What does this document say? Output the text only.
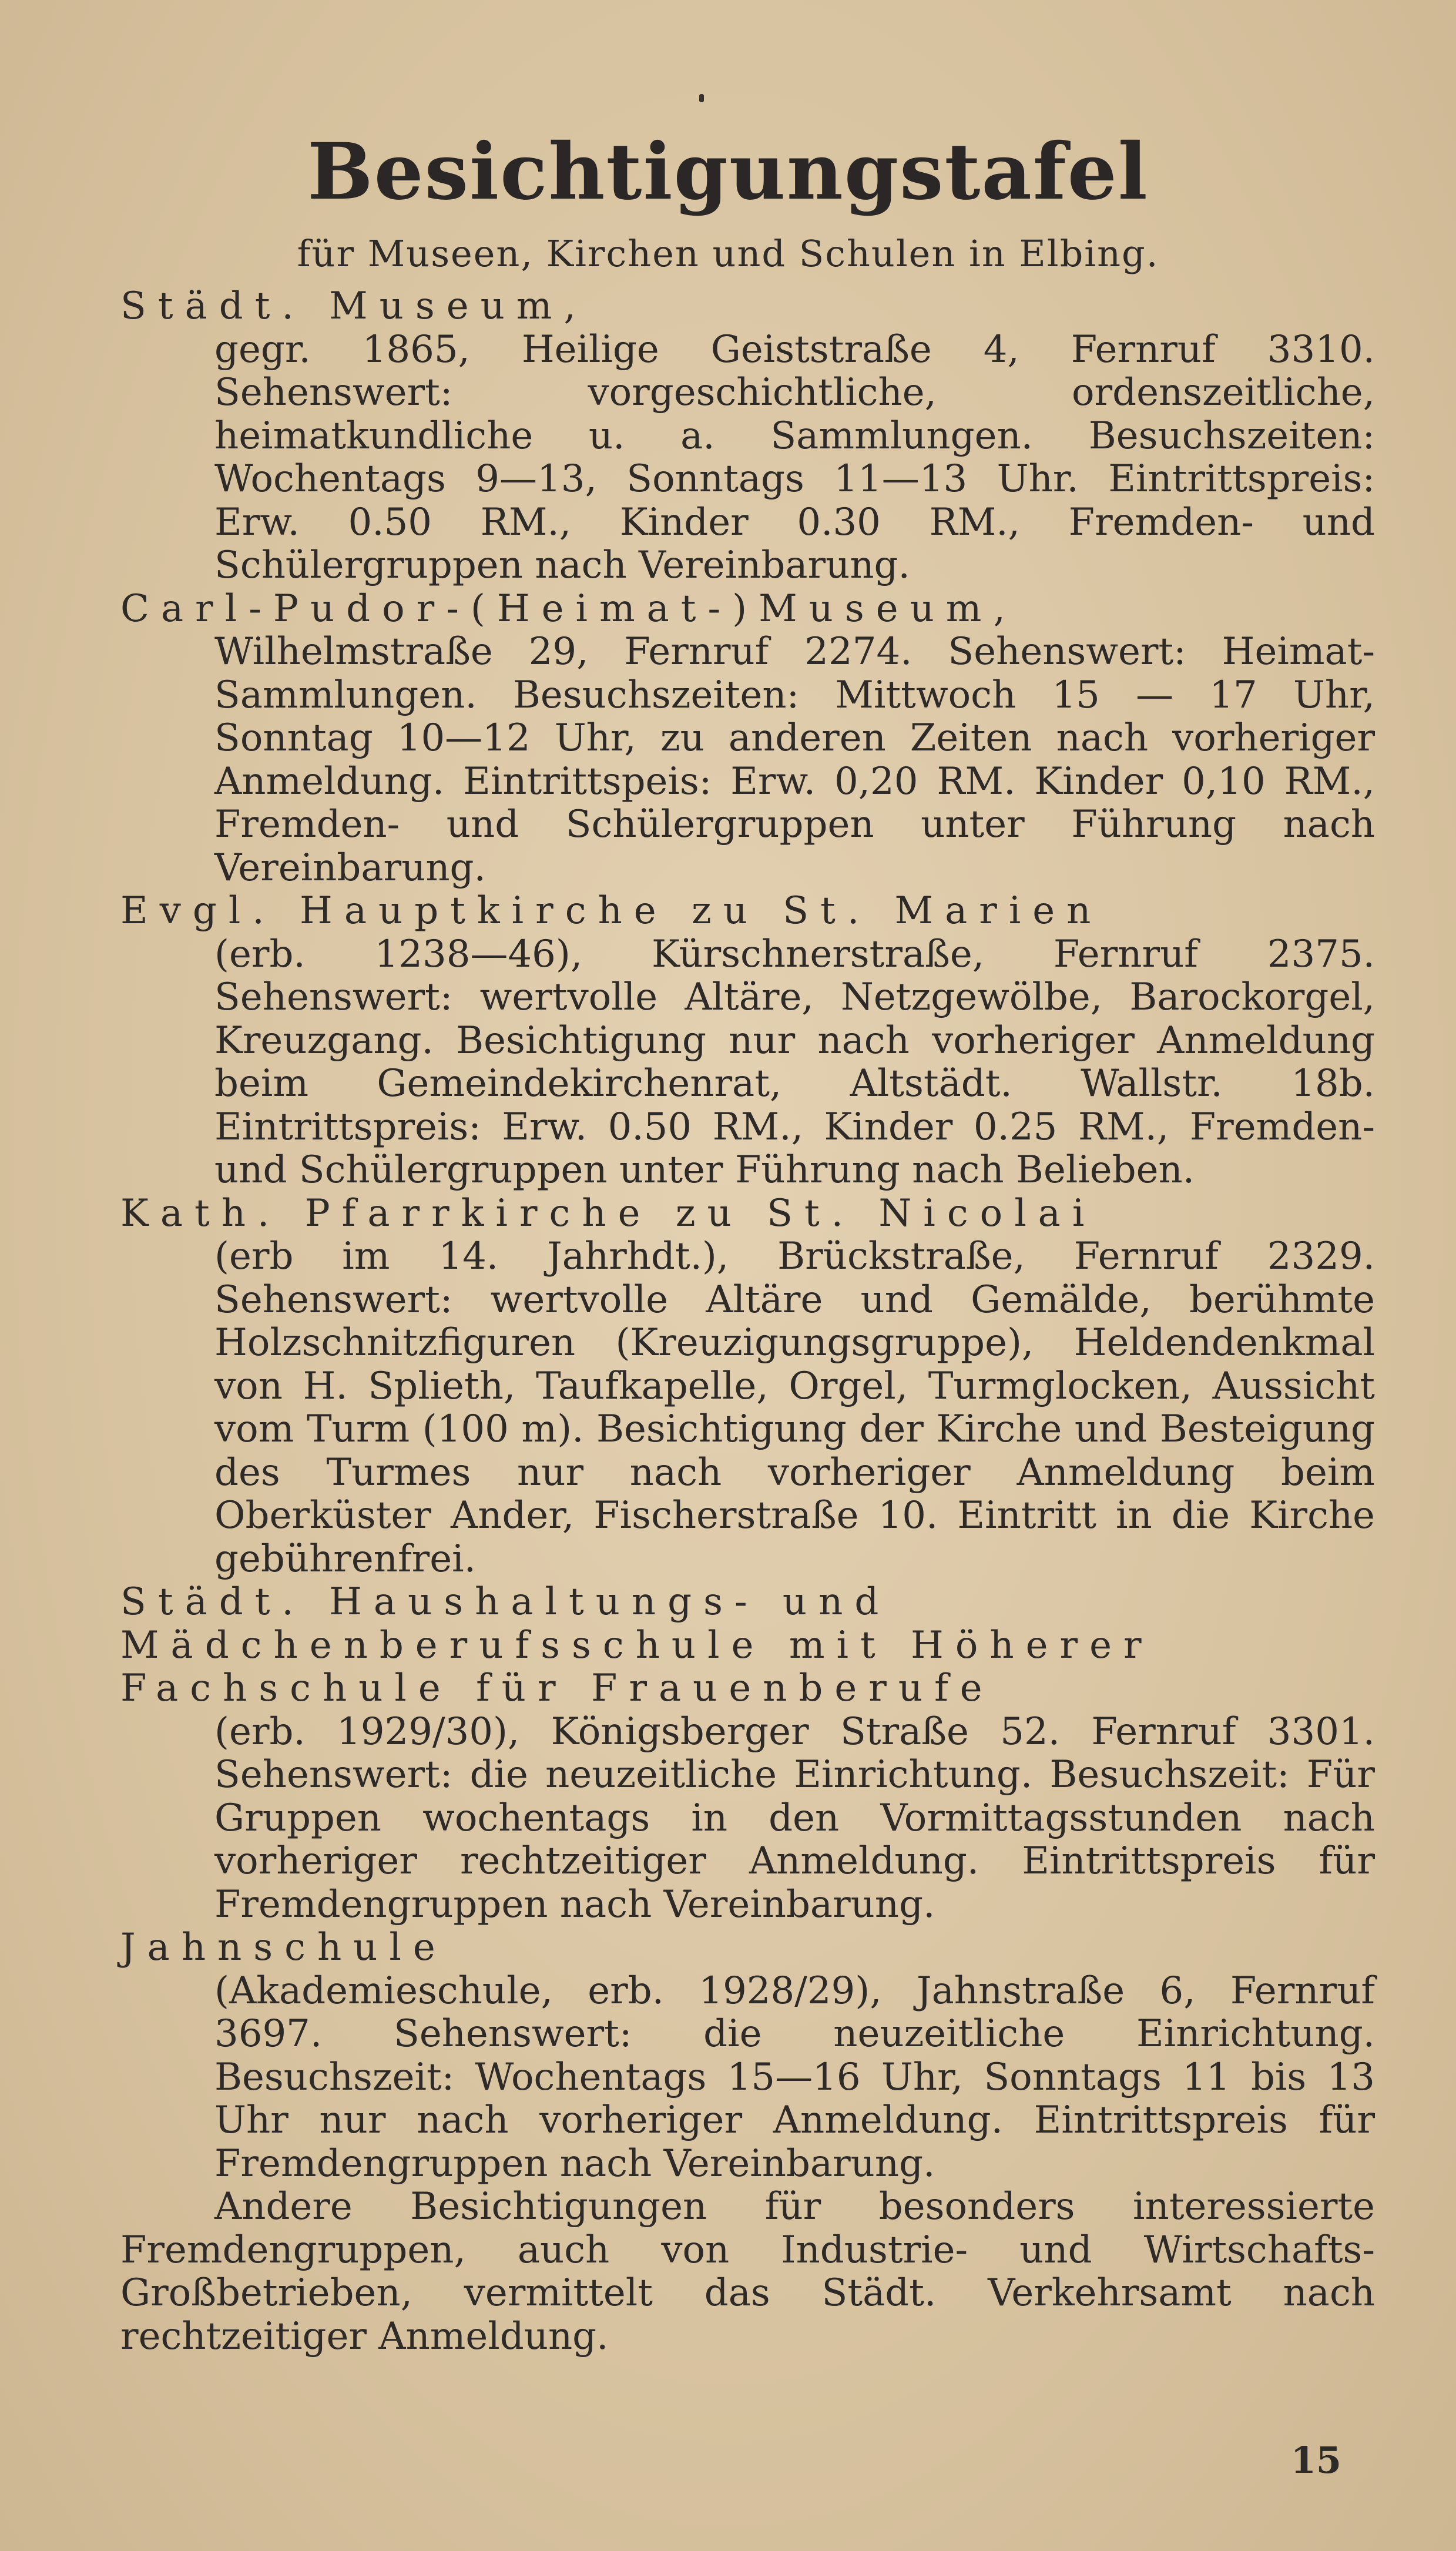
Besichtigungstafel
für Museen, Kirchen und Schulen in Elbing.
Städt. Museum,
gegr. 1865, Heilige Geiststraße 4, Fernruf 3310. Sehenswert: vorgeschichtliche, ordenszeitliche, heimatkundliche u. a. Sammlungen. Besuchszeiten: Wochentags 9—13, Sonntags 11—13 Uhr. Eintrittspreis: Erw. 0.50 RM., Kinder 0.30 RM., Fremden- und Schülergruppen nach Vereinbarung.
Carl-Pudor-(Heimat-)Museum,
Wilhelmstraße 29, Fernruf 2274. Sehenswert: Heimat-Sammlungen. Besuchszeiten: Mittwoch 15 — 17 Uhr, Sonntag 10—12 Uhr, zu anderen Zeiten nach vorheriger Anmeldung. Eintrittspeis: Erw. 0,20 RM. Kinder 0,10 RM., Fremden- und Schülergruppen unter Führung nach Vereinbarung.
Evgl. Hauptkirche zu St. Marien
(erb. 1238—46), Kürschnerstraße, Fernruf 2375. Sehenswert: wertvolle Altäre, Netzgewölbe, Barockorgel, Kreuzgang. Besichtigung nur nach vorheriger Anmeldung beim Gemeindekirchenrat, Altstädt. Wallstr. 18b. Eintrittspreis: Erw. 0.50 RM., Kinder 0.25 RM., Fremden- und Schülergruppen unter Führung nach Belieben.
Kath. Pfarrkirche zu St. Nicolai
(erb im 14. Jahrhdt.), Brückstraße, Fernruf 2329. Sehenswert: wertvolle Altäre und Gemälde, berühmte Holzschnitzfiguren (Kreuzigungsgruppe), Heldendenkmal von H. Splieth, Taufkapelle, Orgel, Turmglocken, Aussicht vom Turm (100 m). Besichtigung der Kirche und Besteigung des Turmes nur nach vorheriger Anmeldung beim Oberküster Ander, Fischerstraße 10. Eintritt in die Kirche gebührenfrei.
Städt. Haushaltungs- und Mädchenberufsschule mit Höherer Fachschule für Frauenberufe
(erb. 1929/30), Königsberger Straße 52. Fernruf 3301. Sehenswert: die neuzeitliche Einrichtung. Besuchszeit: Für Gruppen wochentags in den Vormittagsstunden nach vorheriger rechtzeitiger Anmeldung. Eintrittspreis für Fremdengruppen nach Vereinbarung.
Jahnschule
(Akademieschule, erb. 1928/29), Jahnstraße 6, Fernruf 3697. Sehenswert: die neuzeitliche Einrichtung. Besuchszeit: Wochentags 15—16 Uhr, Sonntags 11 bis 13 Uhr nur nach vorheriger Anmeldung. Eintrittspreis für Fremdengruppen nach Vereinbarung.
Andere Besichtigungen für besonders interessierte Fremdengruppen, auch von Industrie- und Wirtschafts-Großbetrieben, vermittelt das Städt. Verkehrsamt nach rechtzeitiger Anmeldung.
15
